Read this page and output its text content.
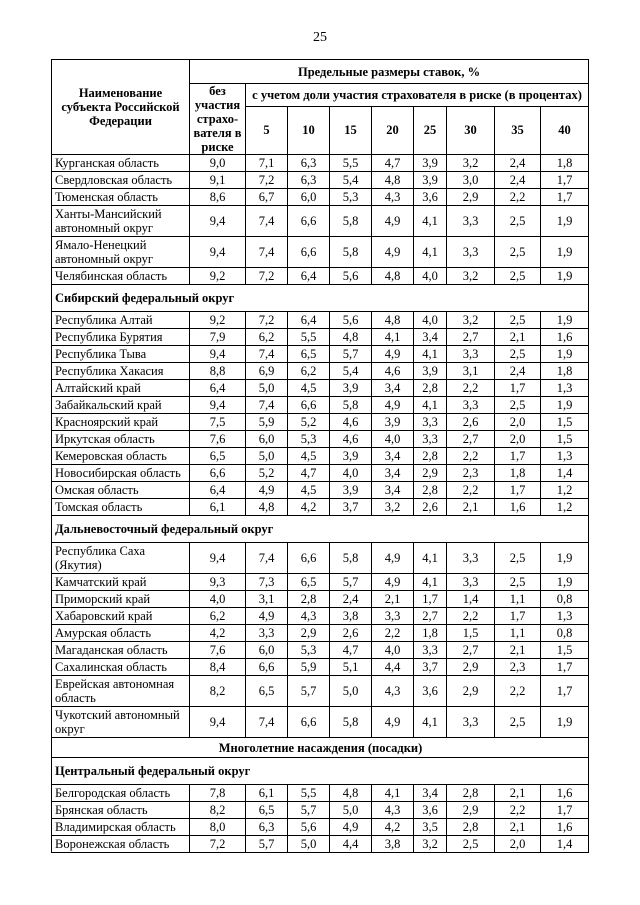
25
Наименование субъекта Российской Федерации	Предельные размеры ставок, %								
	без участия страхо-вателя в риске	с учетом доли участия страхователя в риске (в процентах)							
		5	10	15	20	25	30	35	40
Курганская область	9,0	7,1	6,3	5,5	4,7	3,9	3,2	2,4	1,8
Свердловская область	9,1	7,2	6,3	5,4	4,8	3,9	3,0	2,4	1,7
Тюменская область	8,6	6,7	6,0	5,3	4,3	3,6	2,9	2,2	1,7
Ханты-Мансийский автономный округ	9,4	7,4	6,6	5,8	4,9	4,1	3,3	2,5	1,9
Ямало-Ненецкий автономный округ	9,4	7,4	6,6	5,8	4,9	4,1	3,3	2,5	1,9
Челябинская область	9,2	7,2	6,4	5,6	4,8	4,0	3,2	2,5	1,9
Сибирский федеральный округ									
Республика Алтай	9,2	7,2	6,4	5,6	4,8	4,0	3,2	2,5	1,9
Республика Бурятия	7,9	6,2	5,5	4,8	4,1	3,4	2,7	2,1	1,6
Республика Тыва	9,4	7,4	6,5	5,7	4,9	4,1	3,3	2,5	1,9
Республика Хакасия	8,8	6,9	6,2	5,4	4,6	3,9	3,1	2,4	1,8
Алтайский край	6,4	5,0	4,5	3,9	3,4	2,8	2,2	1,7	1,3
Забайкальский край	9,4	7,4	6,6	5,8	4,9	4,1	3,3	2,5	1,9
Красноярский край	7,5	5,9	5,2	4,6	3,9	3,3	2,6	2,0	1,5
Иркутская область	7,6	6,0	5,3	4,6	4,0	3,3	2,7	2,0	1,5
Кемеровская область	6,5	5,0	4,5	3,9	3,4	2,8	2,2	1,7	1,3
Новосибирская область	6,6	5,2	4,7	4,0	3,4	2,9	2,3	1,8	1,4
Омская область	6,4	4,9	4,5	3,9	3,4	2,8	2,2	1,7	1,2
Томская область	6,1	4,8	4,2	3,7	3,2	2,6	2,1	1,6	1,2
Дальневосточный федеральный округ									
Республика Саха (Якутия)	9,4	7,4	6,6	5,8	4,9	4,1	3,3	2,5	1,9
Камчатский край	9,3	7,3	6,5	5,7	4,9	4,1	3,3	2,5	1,9
Приморский край	4,0	3,1	2,8	2,4	2,1	1,7	1,4	1,1	0,8
Хабаровский край	6,2	4,9	4,3	3,8	3,3	2,7	2,2	1,7	1,3
Амурская область	4,2	3,3	2,9	2,6	2,2	1,8	1,5	1,1	0,8
Магаданская область	7,6	6,0	5,3	4,7	4,0	3,3	2,7	2,1	1,5
Сахалинская область	8,4	6,6	5,9	5,1	4,4	3,7	2,9	2,3	1,7
Еврейская автономная область	8,2	6,5	5,7	5,0	4,3	3,6	2,9	2,2	1,7
Чукотский автономный округ	9,4	7,4	6,6	5,8	4,9	4,1	3,3	2,5	1,9
Многолетние насаждения (посадки)									
Центральный федеральный округ									
Белгородская область	7,8	6,1	5,5	4,8	4,1	3,4	2,8	2,1	1,6
Брянская область	8,2	6,5	5,7	5,0	4,3	3,6	2,9	2,2	1,7
Владимирская область	8,0	6,3	5,6	4,9	4,2	3,5	2,8	2,1	1,6
Воронежская область	7,2	5,7	5,0	4,4	3,8	3,2	2,5	2,0	1,4
